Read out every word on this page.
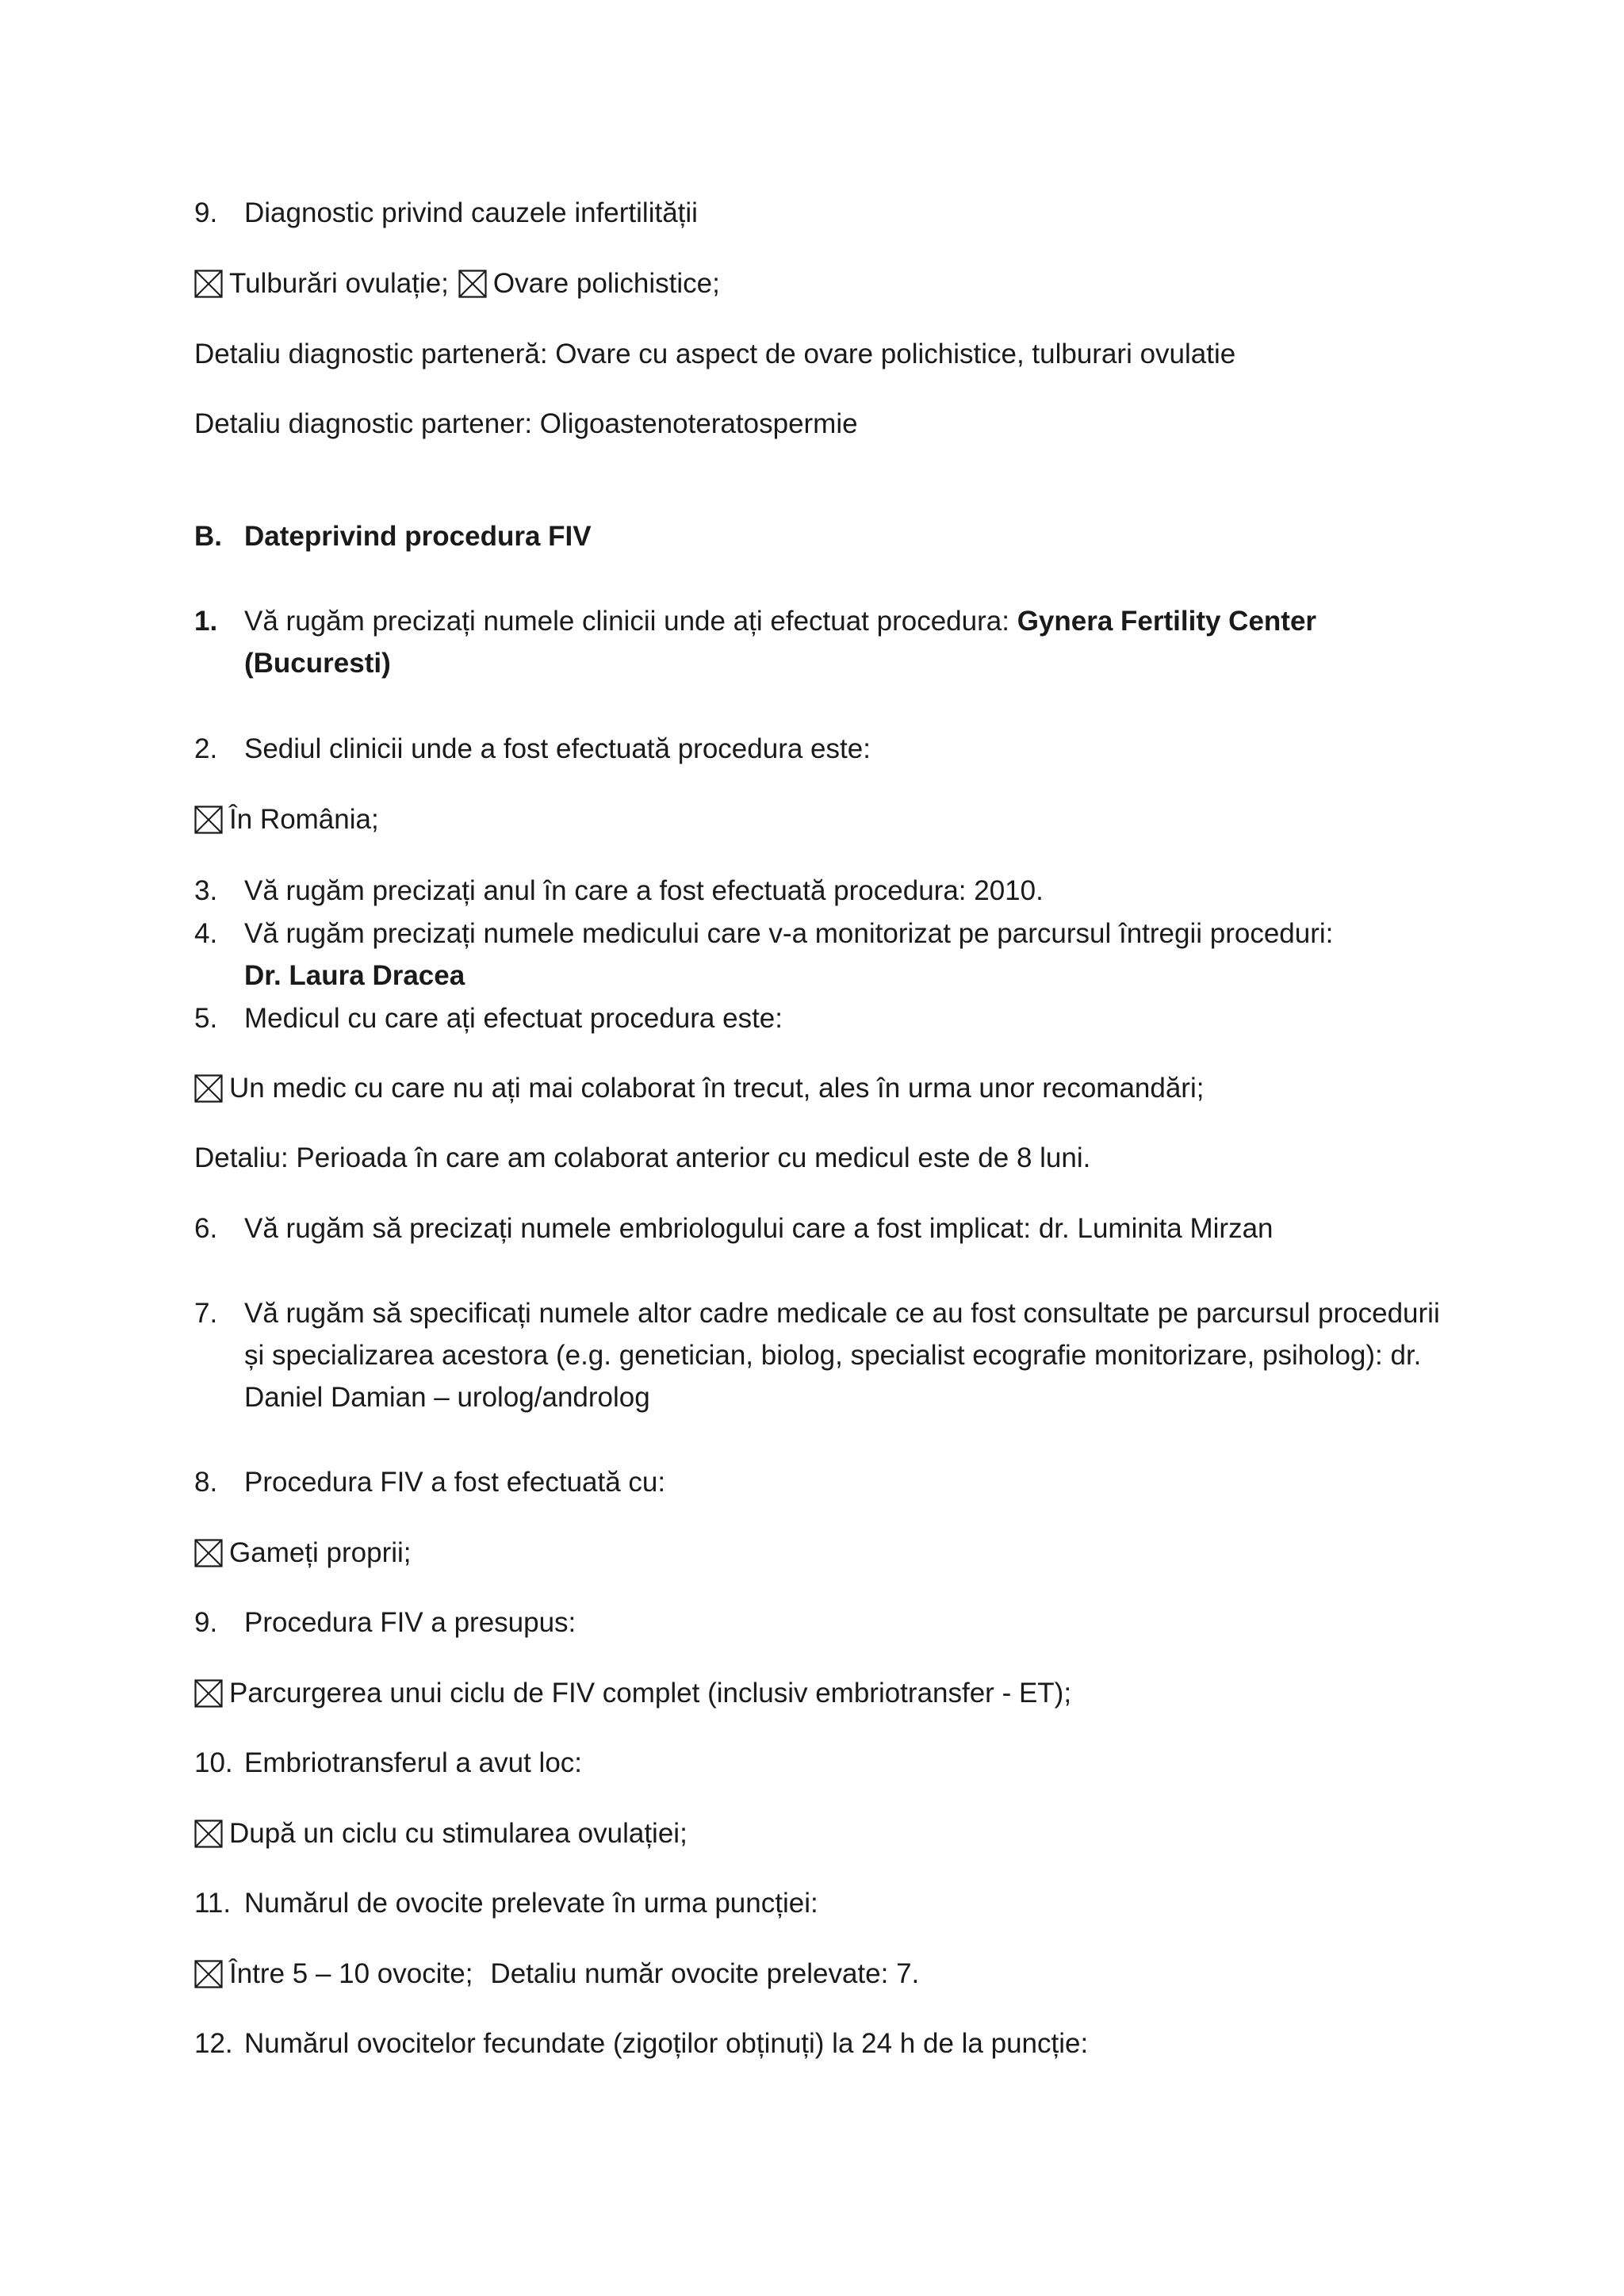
9. Diagnostic privind cauzele infertilității
Tulburări ovulație; Ovare polichistice;
Detaliu diagnostic parteneră: Ovare cu aspect de ovare polichistice, tulburari ovulatie
Detaliu diagnostic partener: Oligoastenoteratospermie
B. Dateprivind procedura FIV
1. Vă rugăm precizați numele clinicii unde ați efectuat procedura: Gynera Fertility Center
(Bucuresti)
2. Sediul clinicii unde a fost efectuată procedura este:
În România;
3. Vă rugăm precizați anul în care a fost efectuată procedura: 2010.
4. Vă rugăm precizați numele medicului care v-a monitorizat pe parcursul întregii proceduri:
Dr. Laura Dracea
5. Medicul cu care ați efectuat procedura este:
Un medic cu care nu ați mai colaborat în trecut, ales în urma unor recomandări;
Detaliu: Perioada în care am colaborat anterior cu medicul este de 8 luni.
6. Vă rugăm să precizați numele embriologului care a fost implicat: dr. Luminita Mirzan
7. Vă rugăm să specificați numele altor cadre medicale ce au fost consultate pe parcursul procedurii
și specializarea acestora (e.g. genetician, biolog, specialist ecografie monitorizare, psiholog): dr.
Daniel Damian – urolog/androlog
8. Procedura FIV a fost efectuată cu:
Gameți proprii;
9. Procedura FIV a presupus:
Parcurgerea unui ciclu de FIV complet (inclusiv embriotransfer - ET);
10. Embriotransferul a avut loc:
După un ciclu cu stimularea ovulației;
11. Numărul de ovocite prelevate în urma puncției:
Între 5 – 10 ovocite; Detaliu număr ovocite prelevate: 7.
12. Numărul ovocitelor fecundate (zigoților obținuți) la 24 h de la puncție:
